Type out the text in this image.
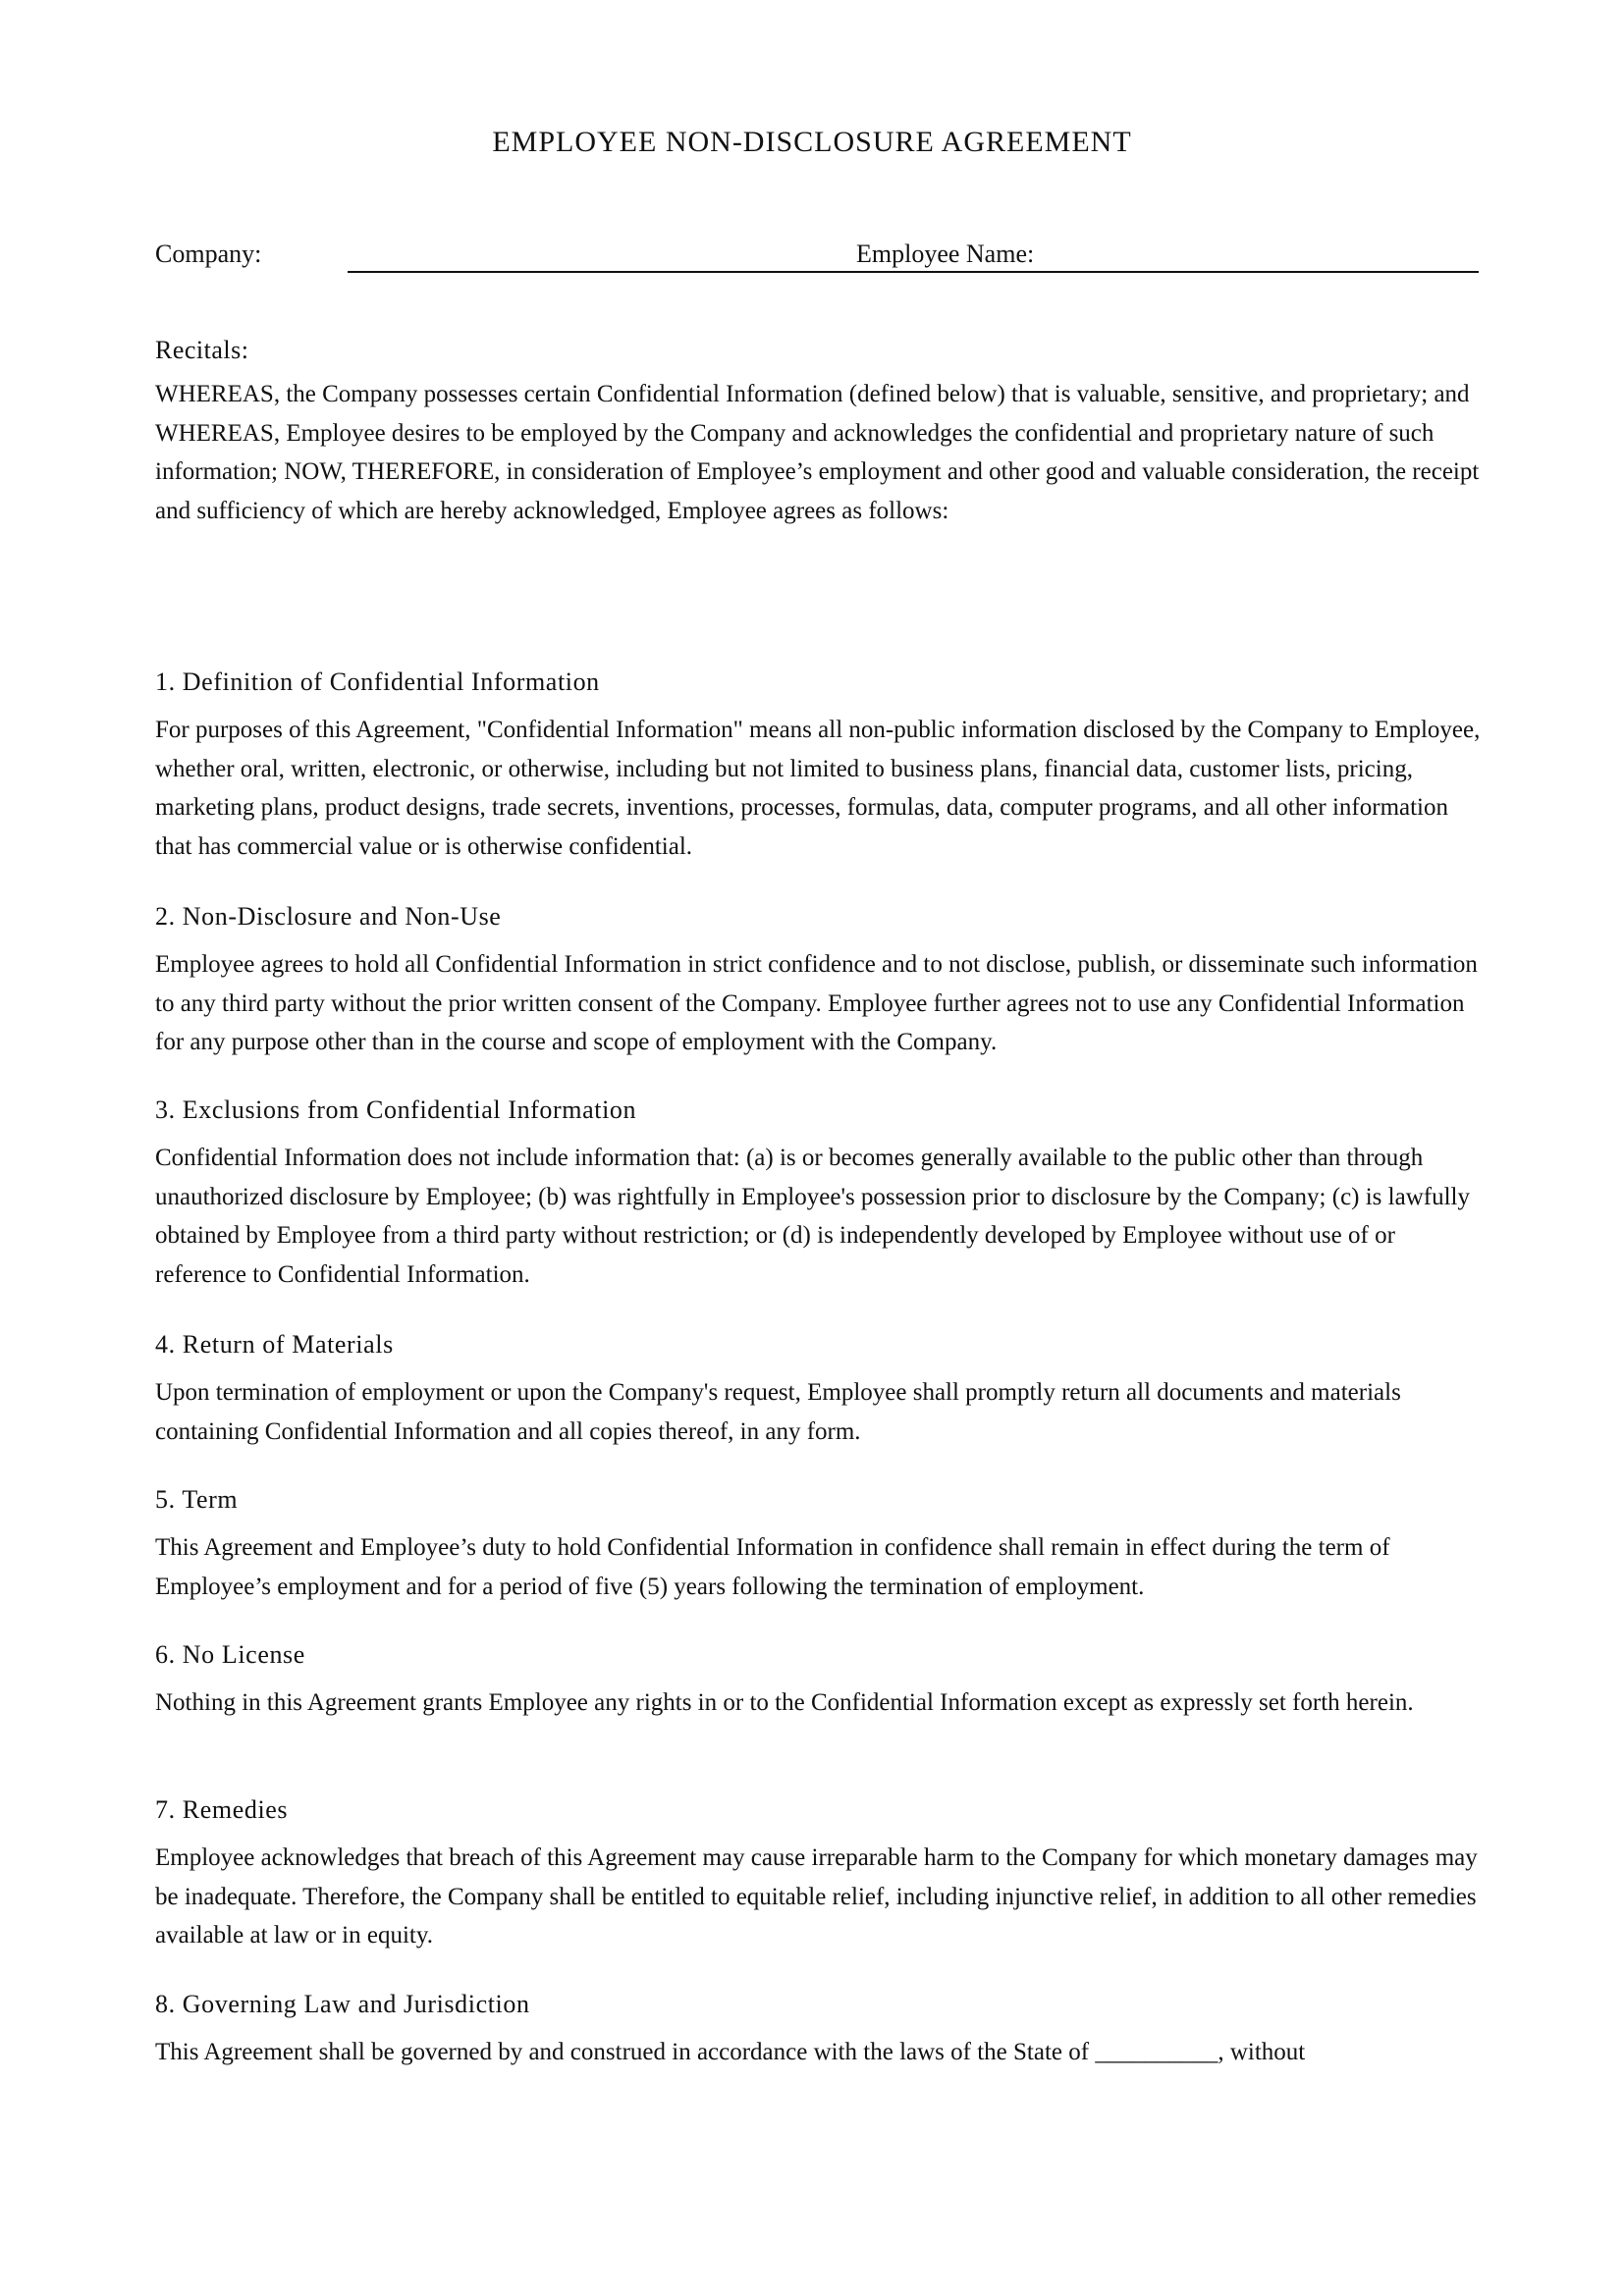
EMPLOYEE NON-DISCLOSURE AGREEMENT
Company:	Employee Name:
Recitals:

WHEREAS, the Company possesses certain Confidential Information (defined below) that is valuable, sensitive, and proprietary; and WHEREAS, Employee desires to be employed by the Company and acknowledges the confidential and proprietary nature of such information; NOW, THEREFORE, in consideration of Employee’s employment and other good and valuable consideration, the receipt and sufficiency of which are hereby acknowledged, Employee agrees as follows:

1. Definition of Confidential Information

For purposes of this Agreement, "Confidential Information" means all non-public information disclosed by the Company to Employee, whether oral, written, electronic, or otherwise, including but not limited to business plans, financial data, customer lists, pricing, marketing plans, product designs, trade secrets, inventions, processes, formulas, data, computer programs, and all other information that has commercial value or is otherwise confidential.

2. Non-Disclosure and Non-Use

Employee agrees to hold all Confidential Information in strict confidence and to not disclose, publish, or disseminate such information to any third party without the prior written consent of the Company. Employee further agrees not to use any Confidential Information for any purpose other than in the course and scope of employment with the Company.

3. Exclusions from Confidential Information

Confidential Information does not include information that: (a) is or becomes generally available to the public other than through unauthorized disclosure by Employee; (b) was rightfully in Employee's possession prior to disclosure by the Company; (c) is lawfully obtained by Employee from a third party without restriction; or (d) is independently developed by Employee without use of or reference to Confidential Information.

4. Return of Materials

Upon termination of employment or upon the Company's request, Employee shall promptly return all documents and materials containing Confidential Information and all copies thereof, in any form.

5. Term

This Agreement and Employee’s duty to hold Confidential Information in confidence shall remain in effect during the term of Employee’s employment and for a period of five (5) years following the termination of employment.

6. No License

Nothing in this Agreement grants Employee any rights in or to the Confidential Information except as expressly set forth herein.

7. Remedies

Employee acknowledges that breach of this Agreement may cause irreparable harm to the Company for which monetary damages may be inadequate. Therefore, the Company shall be entitled to equitable relief, including injunctive relief, in addition to all other remedies available at law or in equity.

8. Governing Law and Jurisdiction

This Agreement shall be governed by and construed in accordance with the laws of the State of __________, without
